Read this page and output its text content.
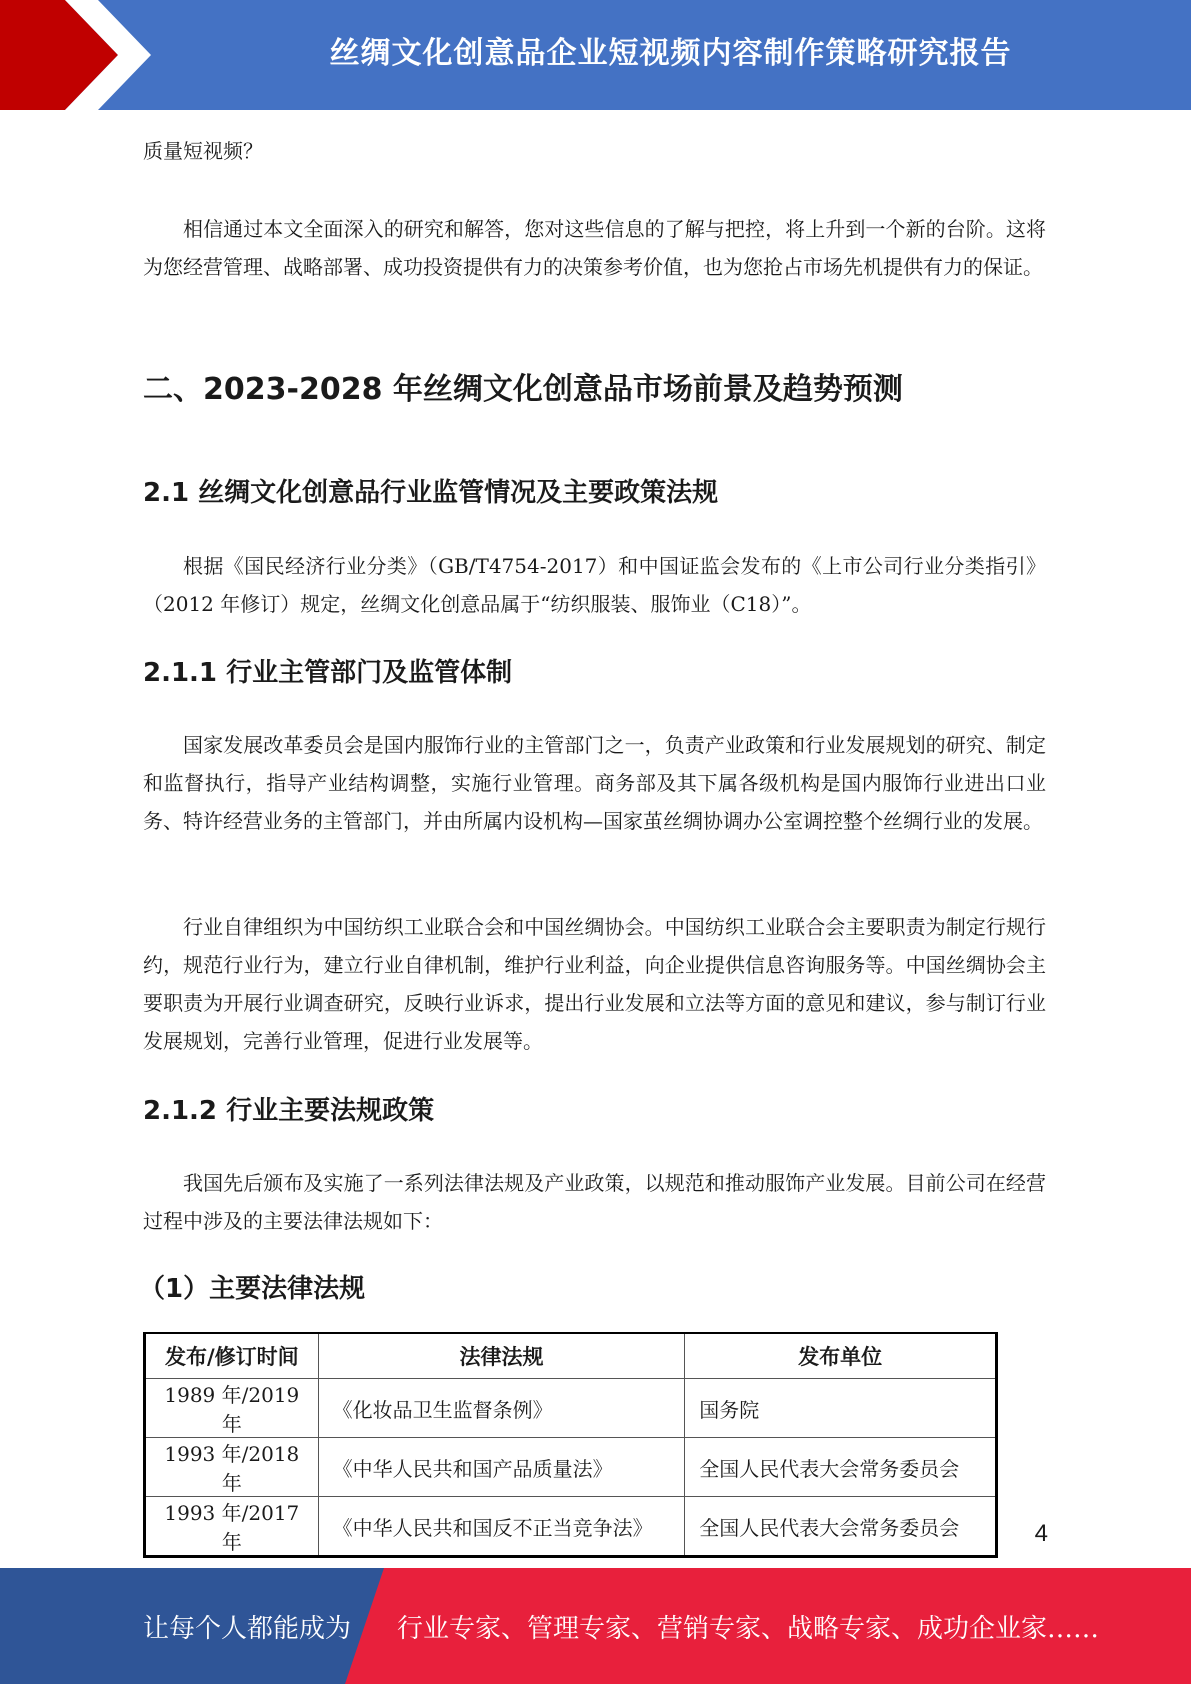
丝绸文化创意品企业短视频内容制作策略研究报告

质量短视频？

相信通过本文全面深入的研究和解答，您对这些信息的了解与把控，将上升到一个新的台阶。这将为您经营管理、战略部署、成功投资提供有力的决策参考价值，也为您抢占市场先机提供有力的保证。

二、2023-2028 年丝绸文化创意品市场前景及趋势预测
2.1 丝绸文化创意品行业监管情况及主要政策法规

根据《国民经济行业分类》（GB/T4754-2017）和中国证监会发布的《上市公司行业分类指引》（2012 年修订）规定，丝绸文化创意品属于“纺织服装、服饰业（C18）”。

2.1.1 行业主管部门及监管体制

国家发展改革委员会是国内服饰行业的主管部门之一，负责产业政策和行业发展规划的研究、制定和监督执行，指导产业结构调整，实施行业管理。商务部及其下属各级机构是国内服饰行业进出口业务、特许经营业务的主管部门，并由所属内设机构—国家茧丝绸协调办公室调控整个丝绸行业的发展。

行业自律组织为中国纺织工业联合会和中国丝绸协会。中国纺织工业联合会主要职责为制定行规行约，规范行业行为，建立行业自律机制，维护行业利益，向企业提供信息咨询服务等。中国丝绸协会主要职责为开展行业调查研究，反映行业诉求，提出行业发展和立法等方面的意见和建议，参与制订行业发展规划，完善行业管理，促进行业发展等。

2.1.2 行业主要法规政策

我国先后颁布及实施了一系列法律法规及产业政策，以规范和推动服饰产业发展。目前公司在经营过程中涉及的主要法律法规如下：

（1）主要法律法规
发布/修订时间	法律法规	发布单位
1989 年/2019 年	《化妆品卫生监督条例》	国务院
1993 年/2018 年	《中华人民共和国产品质量法》	全国人民代表大会常务委员会
1993 年/2017 年	《中华人民共和国反不正当竞争法》	全国人民代表大会常务委员会	4
让每个人都能成为 行业专家、管理专家、营销专家、战略专家、成功企业家……
